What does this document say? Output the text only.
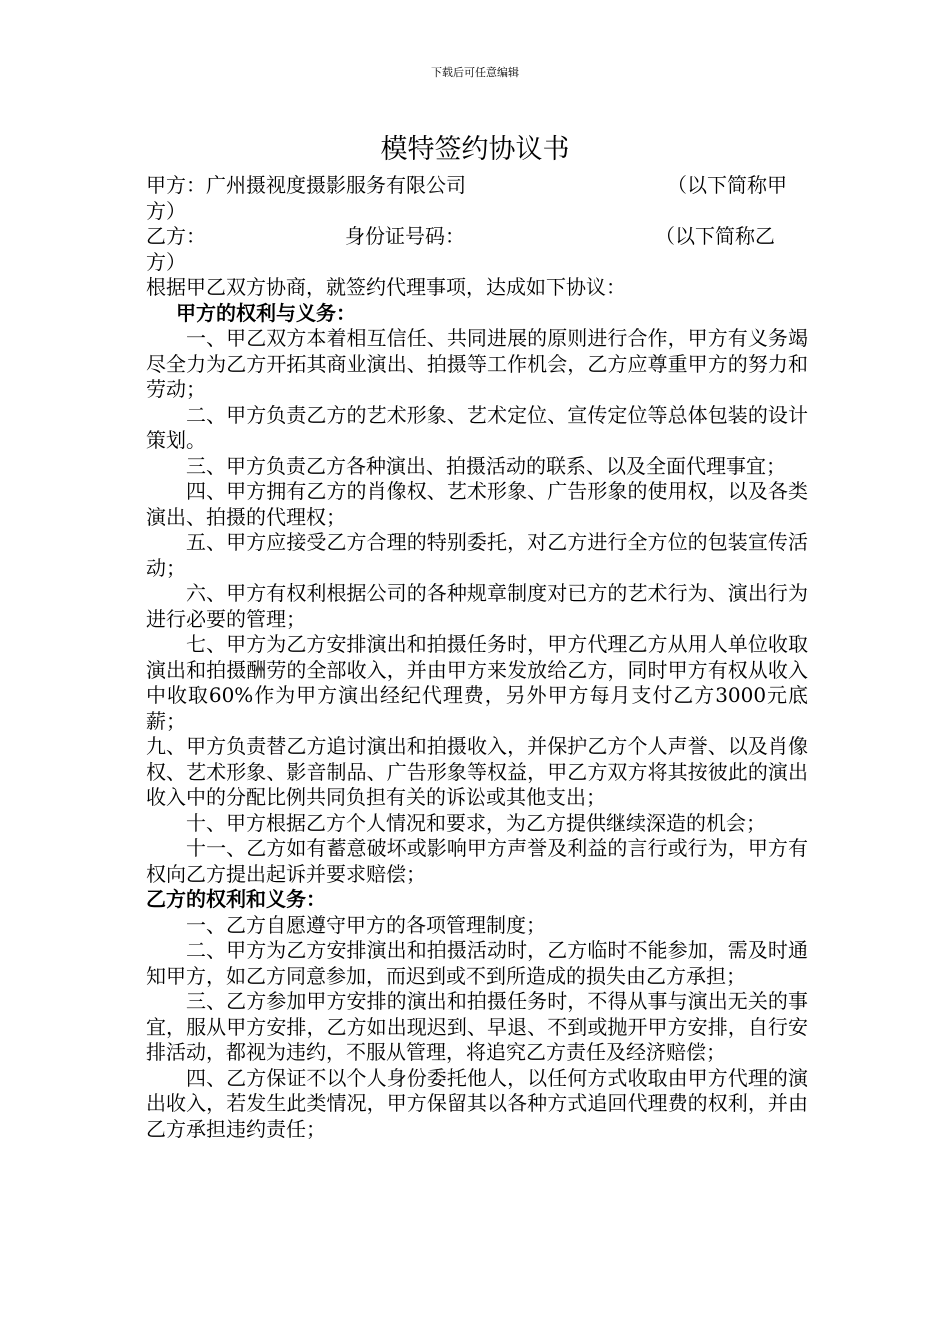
下载后可任意编辑
模特签约协议书
甲方：广州摄视度摄影服务有限公司	（以下简称甲
方）
乙方：	身份证号码：	（以下简称乙
方）

根据甲乙双方协商，就签约代理事项，达成如下协议：

甲方的权利与义务：

一、甲乙双方本着相互信任、共同进展的原则进行合作，甲方有义务竭尽全力为乙方开拓其商业演出、拍摄等工作机会，乙方应尊重甲方的努力和劳动；

二、甲方负责乙方的艺术形象、艺术定位、宣传定位等总体包装的设计策划。

三、甲方负责乙方各种演出、拍摄活动的联系、以及全面代理事宜；

四、甲方拥有乙方的肖像权、艺术形象、广告形象的使用权，以及各类演出、拍摄的代理权；

五、甲方应接受乙方合理的特别委托，对乙方进行全方位的包装宣传活动；

六、甲方有权利根据公司的各种规章制度对已方的艺术行为、演出行为进行必要的管理；

七、甲方为乙方安排演出和拍摄任务时，甲方代理乙方从用人单位收取演出和拍摄酬劳的全部收入，并由甲方来发放给乙方，同时甲方有权从收入中收取60%作为甲方演出经纪代理费，另外甲方每月支付乙方3000元底薪；

九、甲方负责替乙方追讨演出和拍摄收入，并保护乙方个人声誉、以及肖像权、艺术形象、影音制品、广告形象等权益，甲乙方双方将其按彼此的演出收入中的分配比例共同负担有关的诉讼或其他支出；

十、甲方根据乙方个人情况和要求，为乙方提供继续深造的机会；

十一、乙方如有蓄意破坏或影响甲方声誉及利益的言行或行为，甲方有权向乙方提出起诉并要求赔偿；

乙方的权利和义务：

一、乙方自愿遵守甲方的各项管理制度；

二、甲方为乙方安排演出和拍摄活动时，乙方临时不能参加，需及时通知甲方，如乙方同意参加，而迟到或不到所造成的损失由乙方承担；

三、乙方参加甲方安排的演出和拍摄任务时，不得从事与演出无关的事宜，服从甲方安排，乙方如出现迟到、早退、不到或抛开甲方安排，自行安排活动，都视为违约，不服从管理，将追究乙方责任及经济赔偿；

四、乙方保证不以个人身份委托他人，以任何方式收取由甲方代理的演出收入，若发生此类情况，甲方保留其以各种方式追回代理费的权利，并由乙方承担违约责任；
